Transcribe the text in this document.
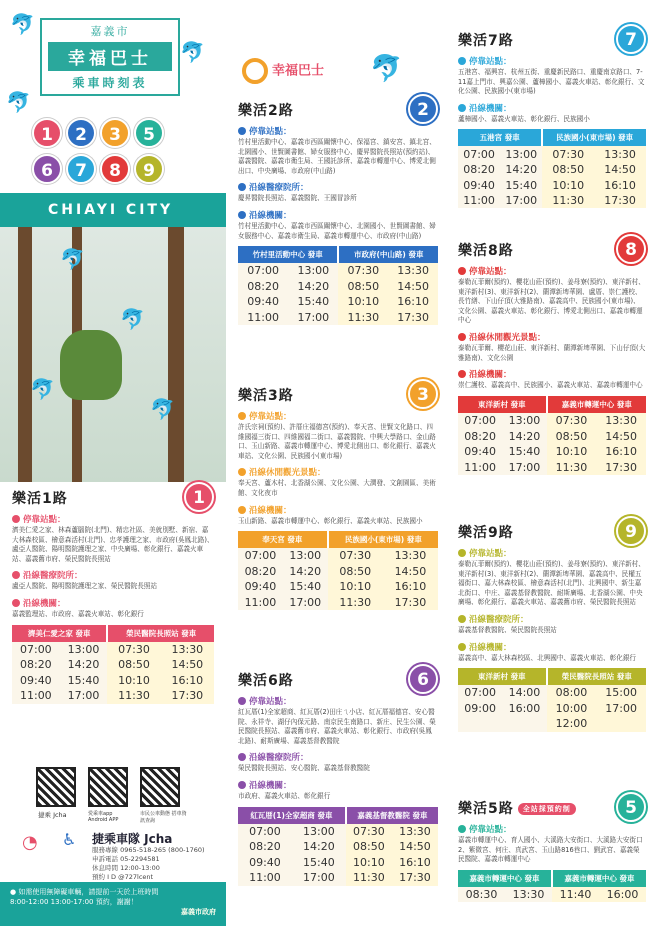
🐬
🐬
🐬
嘉義市
幸福巴士
乘車時刻表
1 2 3 56 7 8 9
CHIAYI CITY
🐬
🐬
🐬
🐬
樂活1路	1
停靠站點：
濟美仁愛之家、林森蘆腦院(北門)、精忠社區、美就別墅、新宿、嘉大林森校區、檜意森活村(北門)、忠孝護理之家、市政府(吳鳳北路)、盧亞人醫院、陽明醫院護理之家、中央廣場、彰化銀行、嘉義火車站、嘉義舊市府、榮民醫院長照站
沿線醫療院所：
盧亞人醫院、陽明醫院護理之家、榮民醫院長照站
沿線機關：
嘉義監理站、市政府、嘉義火車站、彰化銀行
濟美仁愛之家 發車		榮民醫院長照站 發車	
07:00	13:00	07:30	13:30
08:20	14:20	08:50	14:50
09:40	15:40	10:10	16:10
11:00	17:00	11:30	17:30
捷乘 Jcha	愛乘車app Android APP
市民公車動態 搭車資訊查詢
◔ ♿ 捷乘車隊 Jcha
服務專線 0965-518-265 (800-1760)
申訴電話 05-2294581
休息時間 12:00-13:00
預約 I D @727lcent
● 如需使用無障礙車輛，請提前一天於上班時間
8:00-12:00 13:00-17:00 預約，謝謝！
嘉義市政府
幸福巴士 🐬
樂活2路	2
停靠站點：
竹村里活動中心、嘉義市西區關懷中心、保福宮、鎮安宮、鎮北宮、北園國小、世賢圖書館、婦女服務中心、慶昇醫院長照站(預約站)、嘉義醫院、嘉義市衛生局、王國託診所、嘉義市轉運中心、博愛北側出口、中央廣場、市政府(中山路)
沿線醫療院所：
慶昇醫院長照站、嘉義醫院、王國冒診所
沿線機關：
竹村里活動中心、嘉義市西區關懷中心、北園國小、世賢圖書館、婦女服務中心、嘉義市衛生局、嘉義市轉運中心、市政府(中山路)
竹村里活動中心 發車		市政府(中山路) 發車	
07:00	13:00	07:30	13:30
08:20	14:20	08:50	14:50
09:40	15:40	10:10	16:10
11:00	17:00	11:30	17:30
樂活3路	3
停靠站點：
許氏宗祠(預約)、許厝庄福德宮(預約)、奉天宮、世賢文化路口、四維國福三街口、四維國福二街口、嘉義醫院、中興大學路口、金山路口、玉山新路、嘉義市轉運中心、博愛北側出口、彰化銀行、嘉義火車站、文化公園、民族國小(東市場)
沿線休閒觀光景點：
奉天宮、蘆木村、北香湖公園、文化公園、大潤發、文創園區、美術館、文化夜市
沿線機關：
玉山新路、嘉義市轉運中心、彰化銀行、嘉義火車站、民族國小
奉天宮 發車		民族國小(東市場) 發車	
07:00	13:00	07:30	13:30
08:20	14:20	08:50	14:50
09:40	15:40	10:10	16:10
11:00	17:00	11:30	17:30
樂活6路	6
停靠站點：
紅瓦厝(1)全家超商、紅瓦厝(2)田庄ㄟ小店、紅瓦厝福德宮、安心醫院、永祥寺、湖仔內保元路、南京民生南路口、新庄、民生公園、榮民醫院長照站、嘉義舊市府、嘉義火車站、彰化銀行、市政府(吳鳳北路)、耐斯廣場、嘉義基督教醫院
沿線醫療院所：
榮民醫院長照站、安心醫院、嘉義基督教醫院
沿線機關：
市政府、嘉義火車站、彰化銀行
紅瓦厝(1)全家超商 發車		嘉義基督教醫院 發車	
07:00	13:00	07:30	13:30
08:20	14:20	08:50	14:50
09:40	15:40	10:10	16:10
11:00	17:00	11:30	17:30
樂活7路	7
停靠站點：
五港宮、福興宮、杭州五街、重慶新民路口、重慶南京路口、7-11嘉上門市、興嘉公園、蘆樟國小、嘉義火車站、彰化銀行、文化公園、民族國小(東市場)
沿線機關：
蘆樟國小、嘉義火車站、彰化銀行、民族國小
五港宮 發車		民族國小(東市場) 發車	
07:00	13:00	07:30	13:30
08:20	14:20	08:50	14:50
09:40	15:40	10:10	16:10
11:00	17:00	11:30	17:30
樂活8路	8
停靠站點：
泰勒瓦菲爾(預約)、櫻花山莊(預約)、姜母寮(預約)、東洋新村、東洋新村(3)、東洋新村(2)、蘭潭新埤華園、盧厝、崇仁護校、長竹繕、下山仔頂(大雅路南)、嘉義高中、民族國小(東市場)、文化公園、嘉義火車站、彰化銀行、博愛北側出口、嘉義市轉運中心
沿線休閒觀光景點：
泰勒瓦菲爾、櫻花山莊、東洋新村、蘭潭新埤華園、下山仔頂(大雅路南)、文化公園
沿線機關：
崇仁護校、嘉義高中、民族國小、嘉義火車站、嘉義市轉運中心
東洋新村 發車		嘉義市轉運中心 發車	
07:00	13:00	07:30	13:30
08:20	14:20	08:50	14:50
09:40	15:40	10:10	16:10
11:00	17:00	11:30	17:30
樂活9路	9
停靠站點：
泰勒瓦菲爾(預約)、櫻花山莊(預約)、姜母寮(預約)、東洋新村、東洋新村(3)、東洋新村(2)、蘭潭新埤華園、嘉義高中、民權五福街口、嘉大林森校區、檜意森活村(北門)、北興國中、新生嘉北街口、中庄、嘉義基督教醫院、耐斯廣場、北香湖公園、中央廣場、彰化銀行、嘉義火車站、嘉義舊市府、榮民醫院長照站
沿線醫療院所：
嘉義基督教醫院、榮民醫院長照站
沿線機關：
嘉義高中、嘉大林森校區、北興國中、嘉義火車站、彰化銀行
東洋新村 發車		榮民醫院長照站 發車	
07:00	14:00	08:00	15:00
09:00	16:00	10:00	17:00
		12:00	
樂活5路 全站採預約制	5
停靠站點：
嘉義市轉運中心、育人國小、大溪路大安街口、大溪路大安街口2、紫微宮、何庄、真武宮、玉山路816巷口、劉武宮、嘉義榮民醫院、嘉義市轉運中心
嘉義市轉運中心 發車		嘉義市轉運中心 發車	
08:30	13:30	11:40	16:00
